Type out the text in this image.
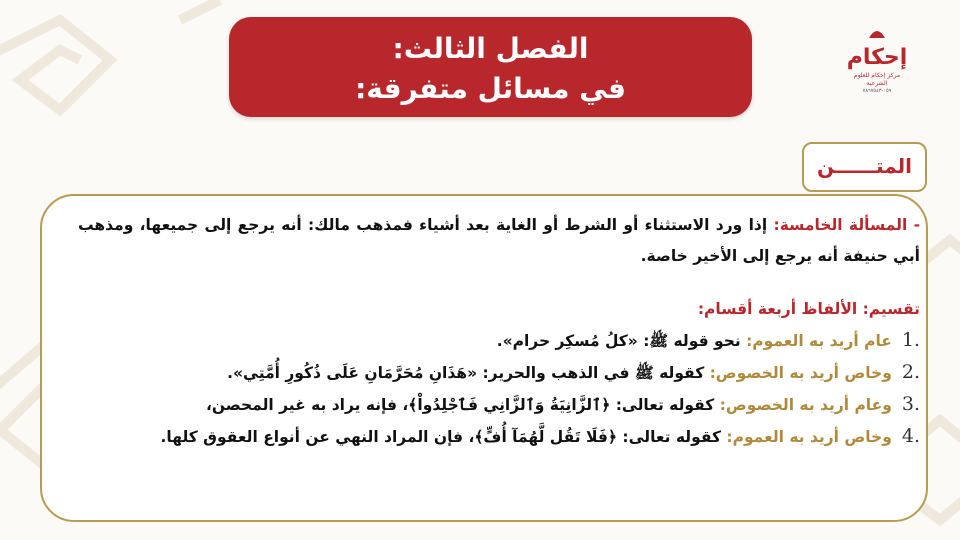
الفصل الثالث:
في مسائل متفرقة:
إحكام
مركز إحكام للعلوم الشرعية
٠٥٩-٧٨٦٧٥٤٣
المتــــــن

- المسألة الخامسة: إذا ورد الاستثناء أو الشرط أو الغاية بعد أشياء فمذهب مالك: أنه يرجع إلى جميعها، ومذهب أبي حنيفة أنه يرجع إلى الأخير خاصة.

تقسيم: الألفاظ أربعة أقسام:

.1عام أريد به العموم: نحو قوله ﷺ: «كلُ مُسكِر حرام».

.2وخاص أريد به الخصوص: كقوله ﷺ في الذهب والحرير: «هَذَانِ مُحَرَّمَانِ عَلَى ذُكُورِ أُمَّتِي».

.3وعام أريد به الخصوص: كقوله تعالى: ﴿ٱلزَّانِيَةُ وَٱلزَّانِي فَٱجْلِدُواْ﴾، فإنه يراد به غير المحصن،

.4وخاص أريد به العموم: كقوله تعالى: ﴿فَلَا تَقُل لَّهُمَآ أُفٍّ﴾، فإن المراد النهي عن أنواع العقوق كلها.
